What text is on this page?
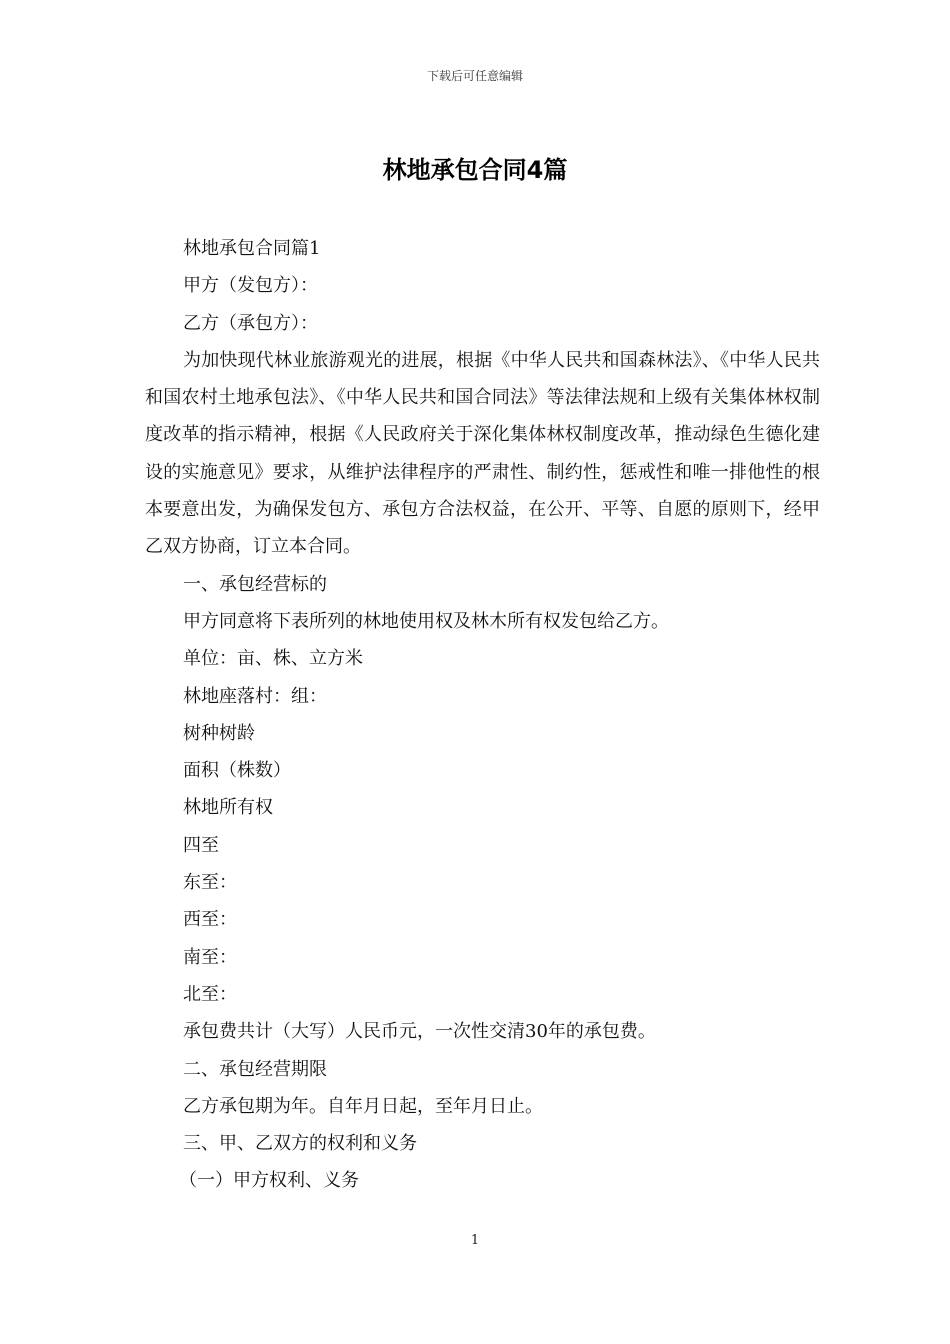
下载后可任意编辑
林地承包合同4篇

林地承包合同篇1

甲方（发包方）：

乙方（承包方）：

为加快现代林业旅游观光的进展，根据《中华人民共和国森林法》、《中华人民共和国农村土地承包法》、《中华人民共和国合同法》等法律法规和上级有关集体林权制度改革的指示精神，根据《人民政府关于深化集体林权制度改革，推动绿色生德化建设的实施意见》要求，从维护法律程序的严肃性、制约性，惩戒性和唯一排他性的根本要意出发，为确保发包方、承包方合法权益，在公开、平等、自愿的原则下，经甲乙双方协商，订立本合同。

一、承包经营标的

甲方同意将下表所列的林地使用权及林木所有权发包给乙方。

单位：亩、株、立方米

林地座落村：组：

树种树龄

面积（株数）

林地所有权

四至

东至：

西至：

南至：

北至：

承包费共计（大写）人民币元，一次性交清30年的承包费。

二、承包经营期限

乙方承包期为年。自年月日起，至年月日止。

三、甲、乙双方的权利和义务

（一）甲方权利、义务

1
